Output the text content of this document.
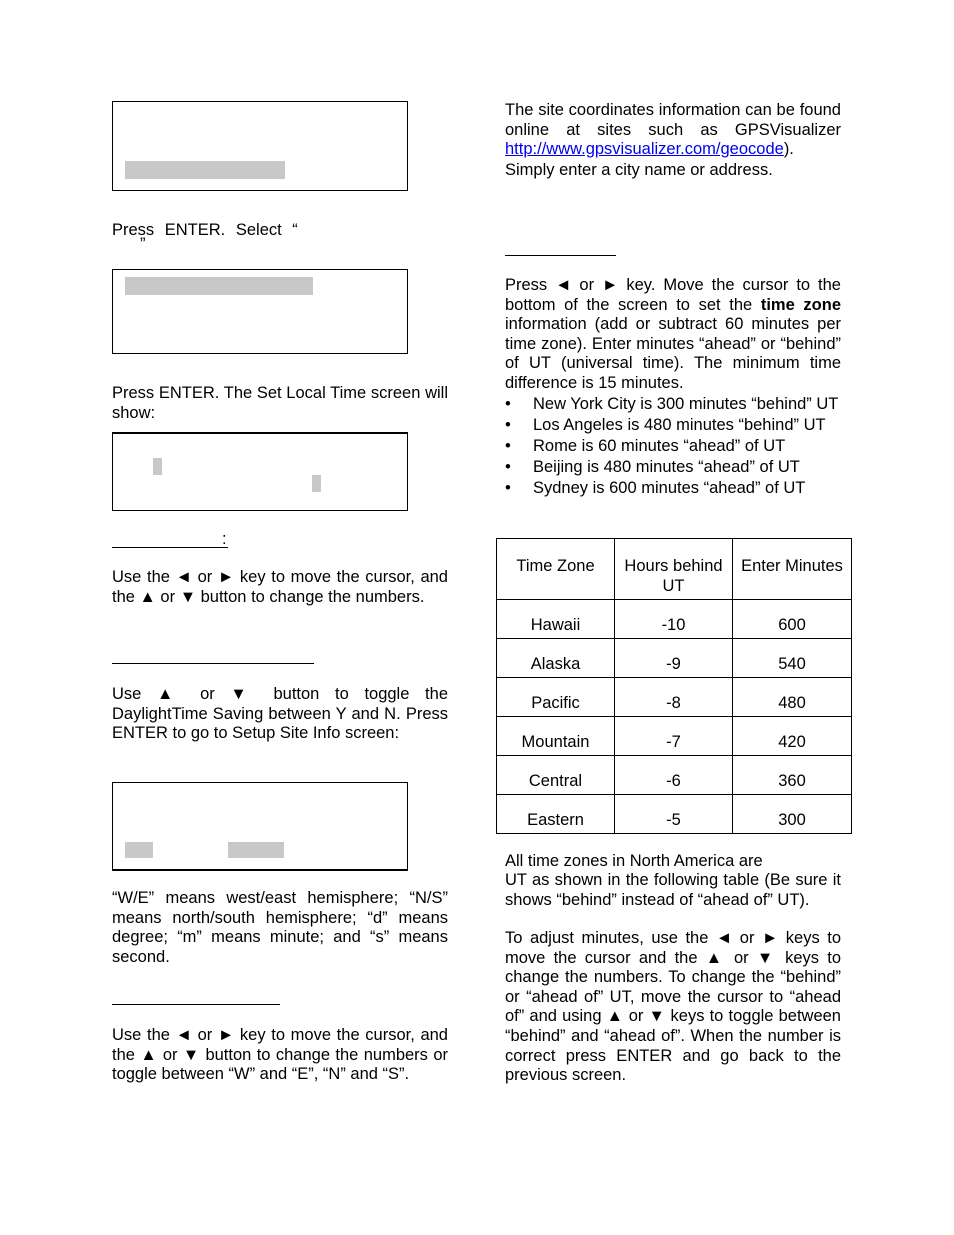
Press ENTER. Select “
”

Press ENTER. The Set Local Time screen will show:

:

Use the ◄ or ► key to move the cursor, and the ▲ or ▼ button to change the numbers.

Use ▲ or ▼ button to toggle the DaylightTime Saving between Y and N. Press ENTER to go to Setup Site Info screen:

“W/E” means west/east hemisphere; “N/S” means north/south hemisphere; “d” means degree; “m” means minute; and “s” means second.

Use the ◄ or ► key to move the cursor, and the ▲ or ▼ button to change the numbers or toggle between “W” and “E”, “N” and “S”.

The site coordinates information can be found online at sites such as GPSVisualizer http://www.gpsvisualizer.com/geocode).

Simply enter a city name or address.

Press ◄ or ► key. Move the cursor to the bottom of the screen to set the time zone information (add or subtract 60 minutes per time zone). Enter minutes “ahead” or “behind” of UT (universal time). The minimum time difference is 15 minutes.

•	New York City is 300 minutes “behind” UT
•	Los Angeles is 480 minutes “behind” UT
•	Rome is 60 minutes “ahead” of UT
•	Beijing is 480 minutes “ahead” of UT
•	Sydney is 600 minutes “ahead” of UT
Time Zone	Hours behind UT	Enter Minutes
Hawaii	-10	600
Alaska	-9	540
Pacific	-8	480
Mountain	-7	420
Central	-6	360
Eastern	-5	300

All time zones in North America are

UT as shown in the following table (Be sure it shows “behind” instead of “ahead of” UT).

To adjust minutes, use the ◄ or ► keys to move the cursor and the ▲ or ▼ keys to change the numbers. To change the “behind” or “ahead of” UT, move the cursor to “ahead of” and using ▲ or ▼ keys to toggle between “behind” and “ahead of”. When the number is correct press ENTER and go back to the previous screen.
